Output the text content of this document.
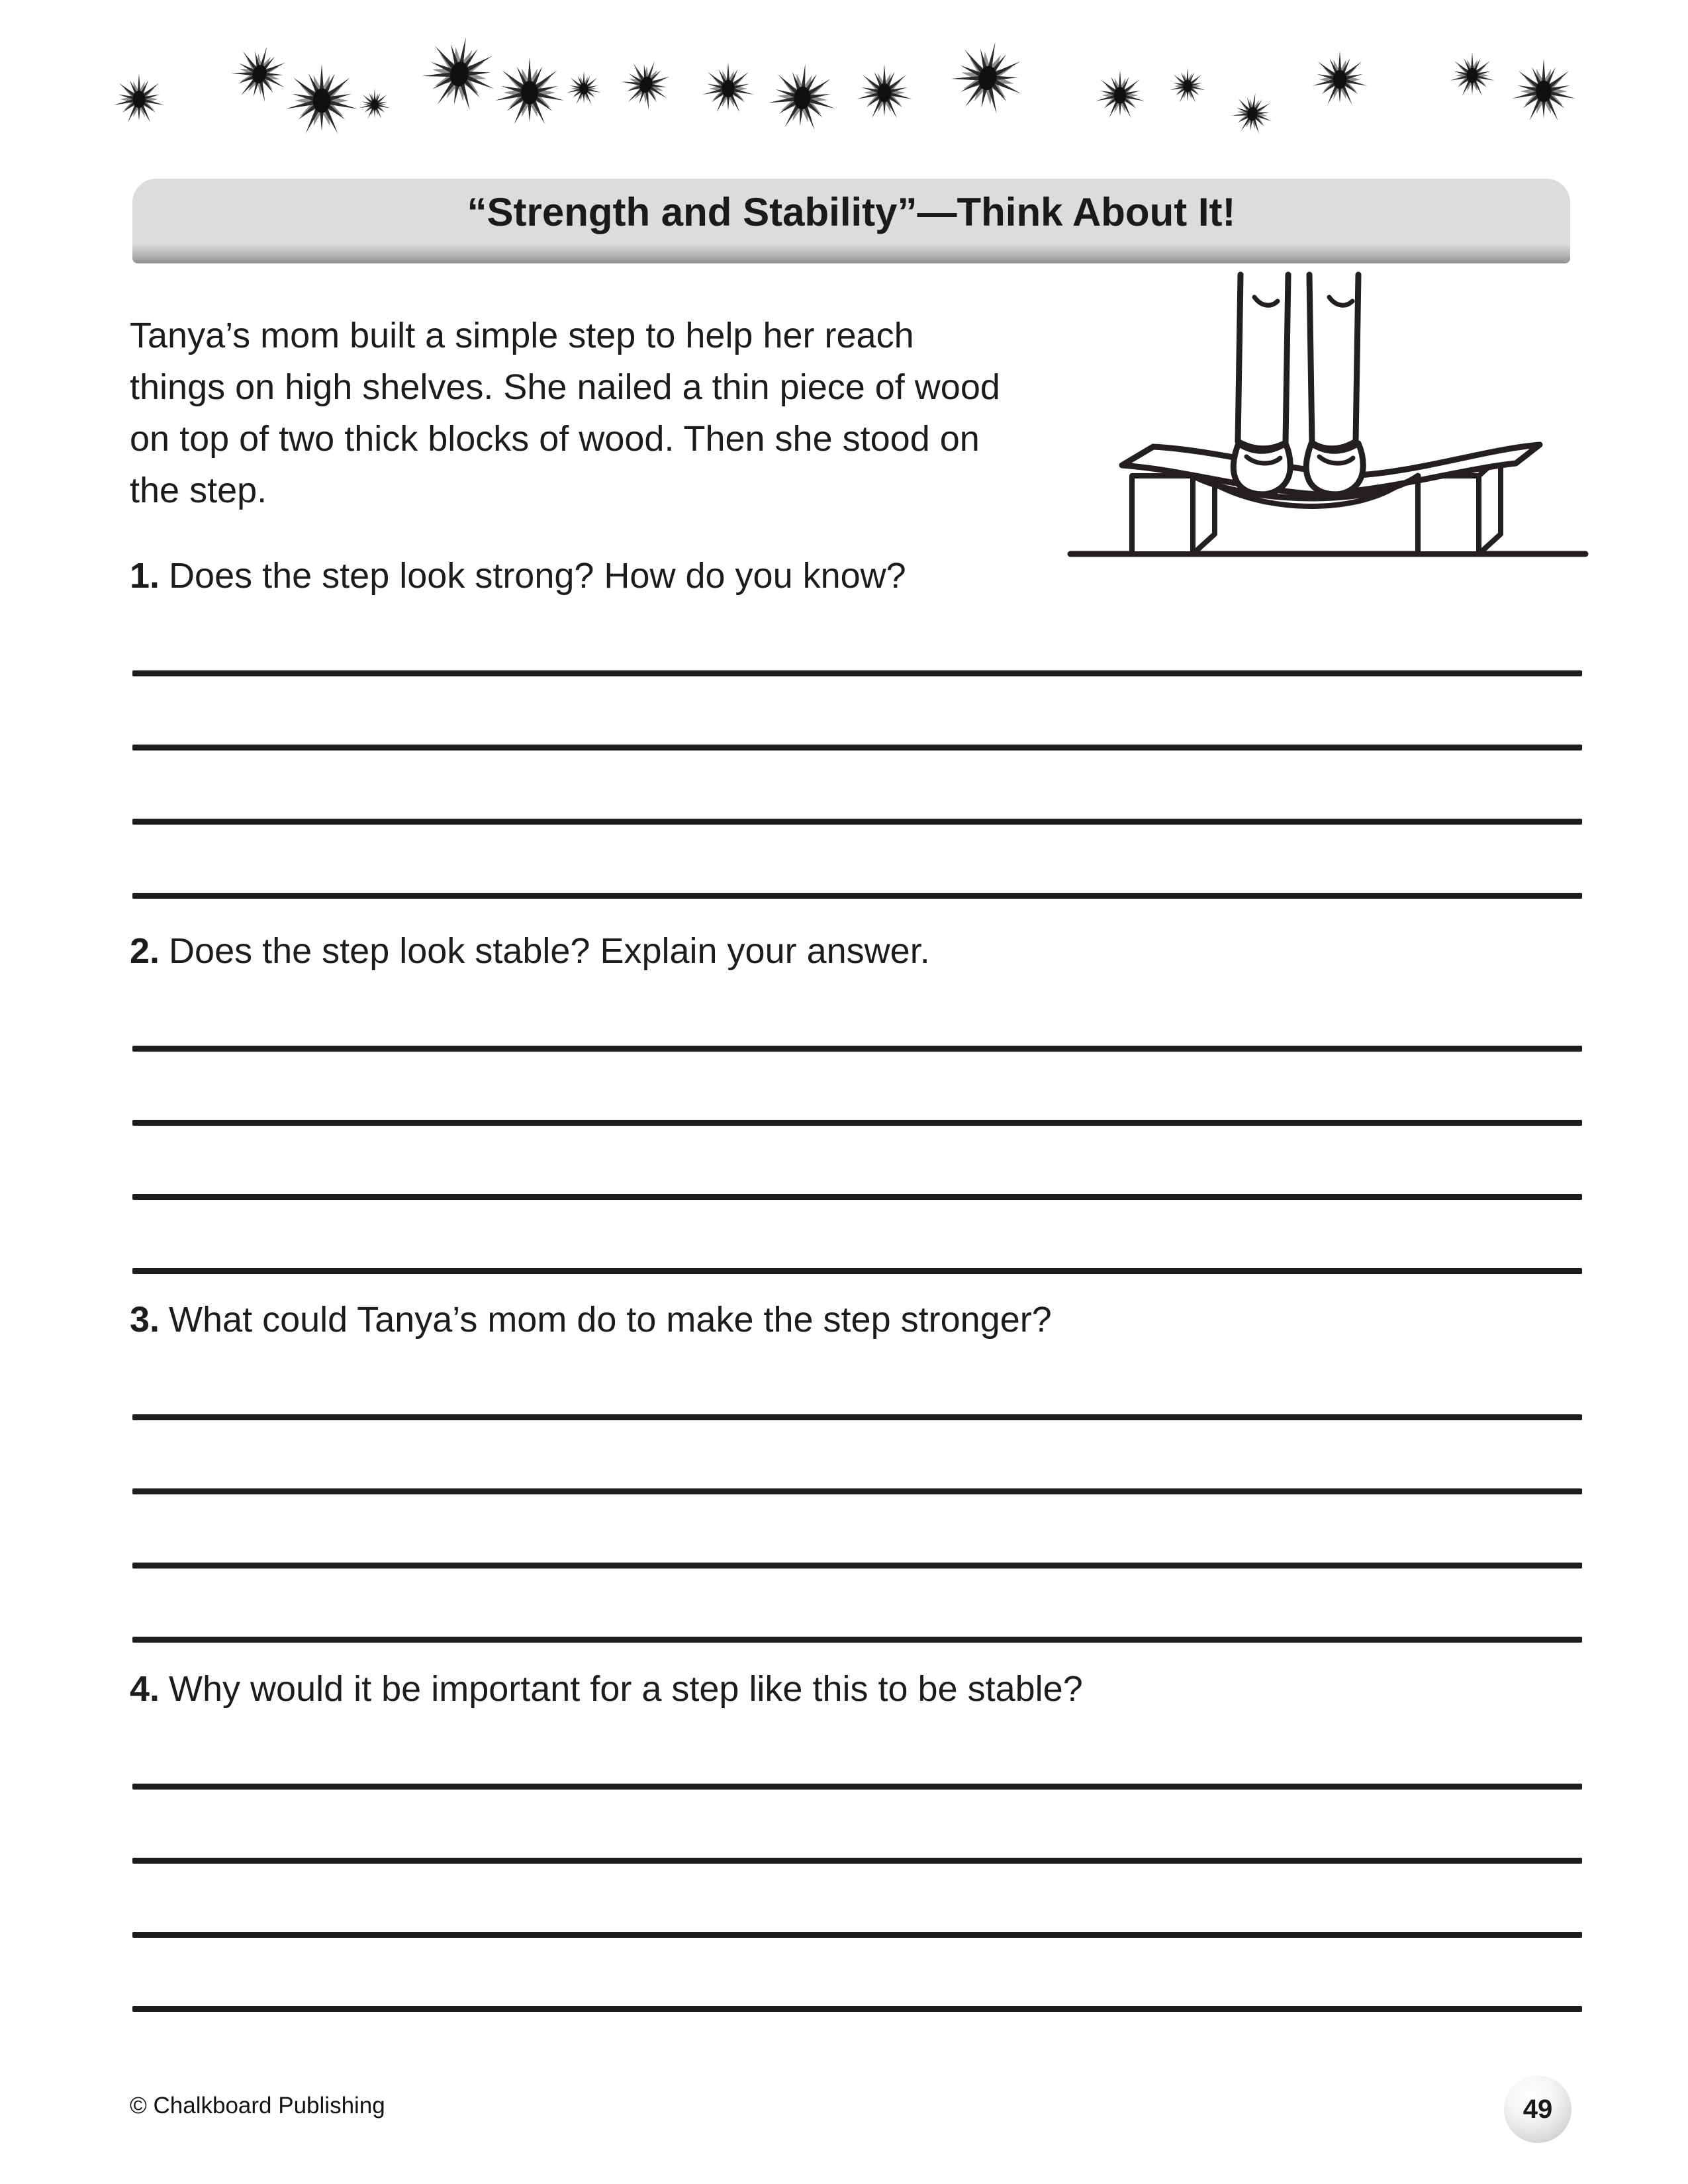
“Strength and Stability”—Think About It!
Tanya’s mom built a simple step to help her reach
things on high shelves. She nailed a thin piece of wood
on top of two thick blocks of wood. Then she stood on
the step.

1. Does the step look strong? How do you know?

2. Does the step look stable? Explain your answer.

3. What could Tanya’s mom do to make the step stronger?

4. Why would it be important for a step like this to be stable?

© Chalkboard Publishing	49
